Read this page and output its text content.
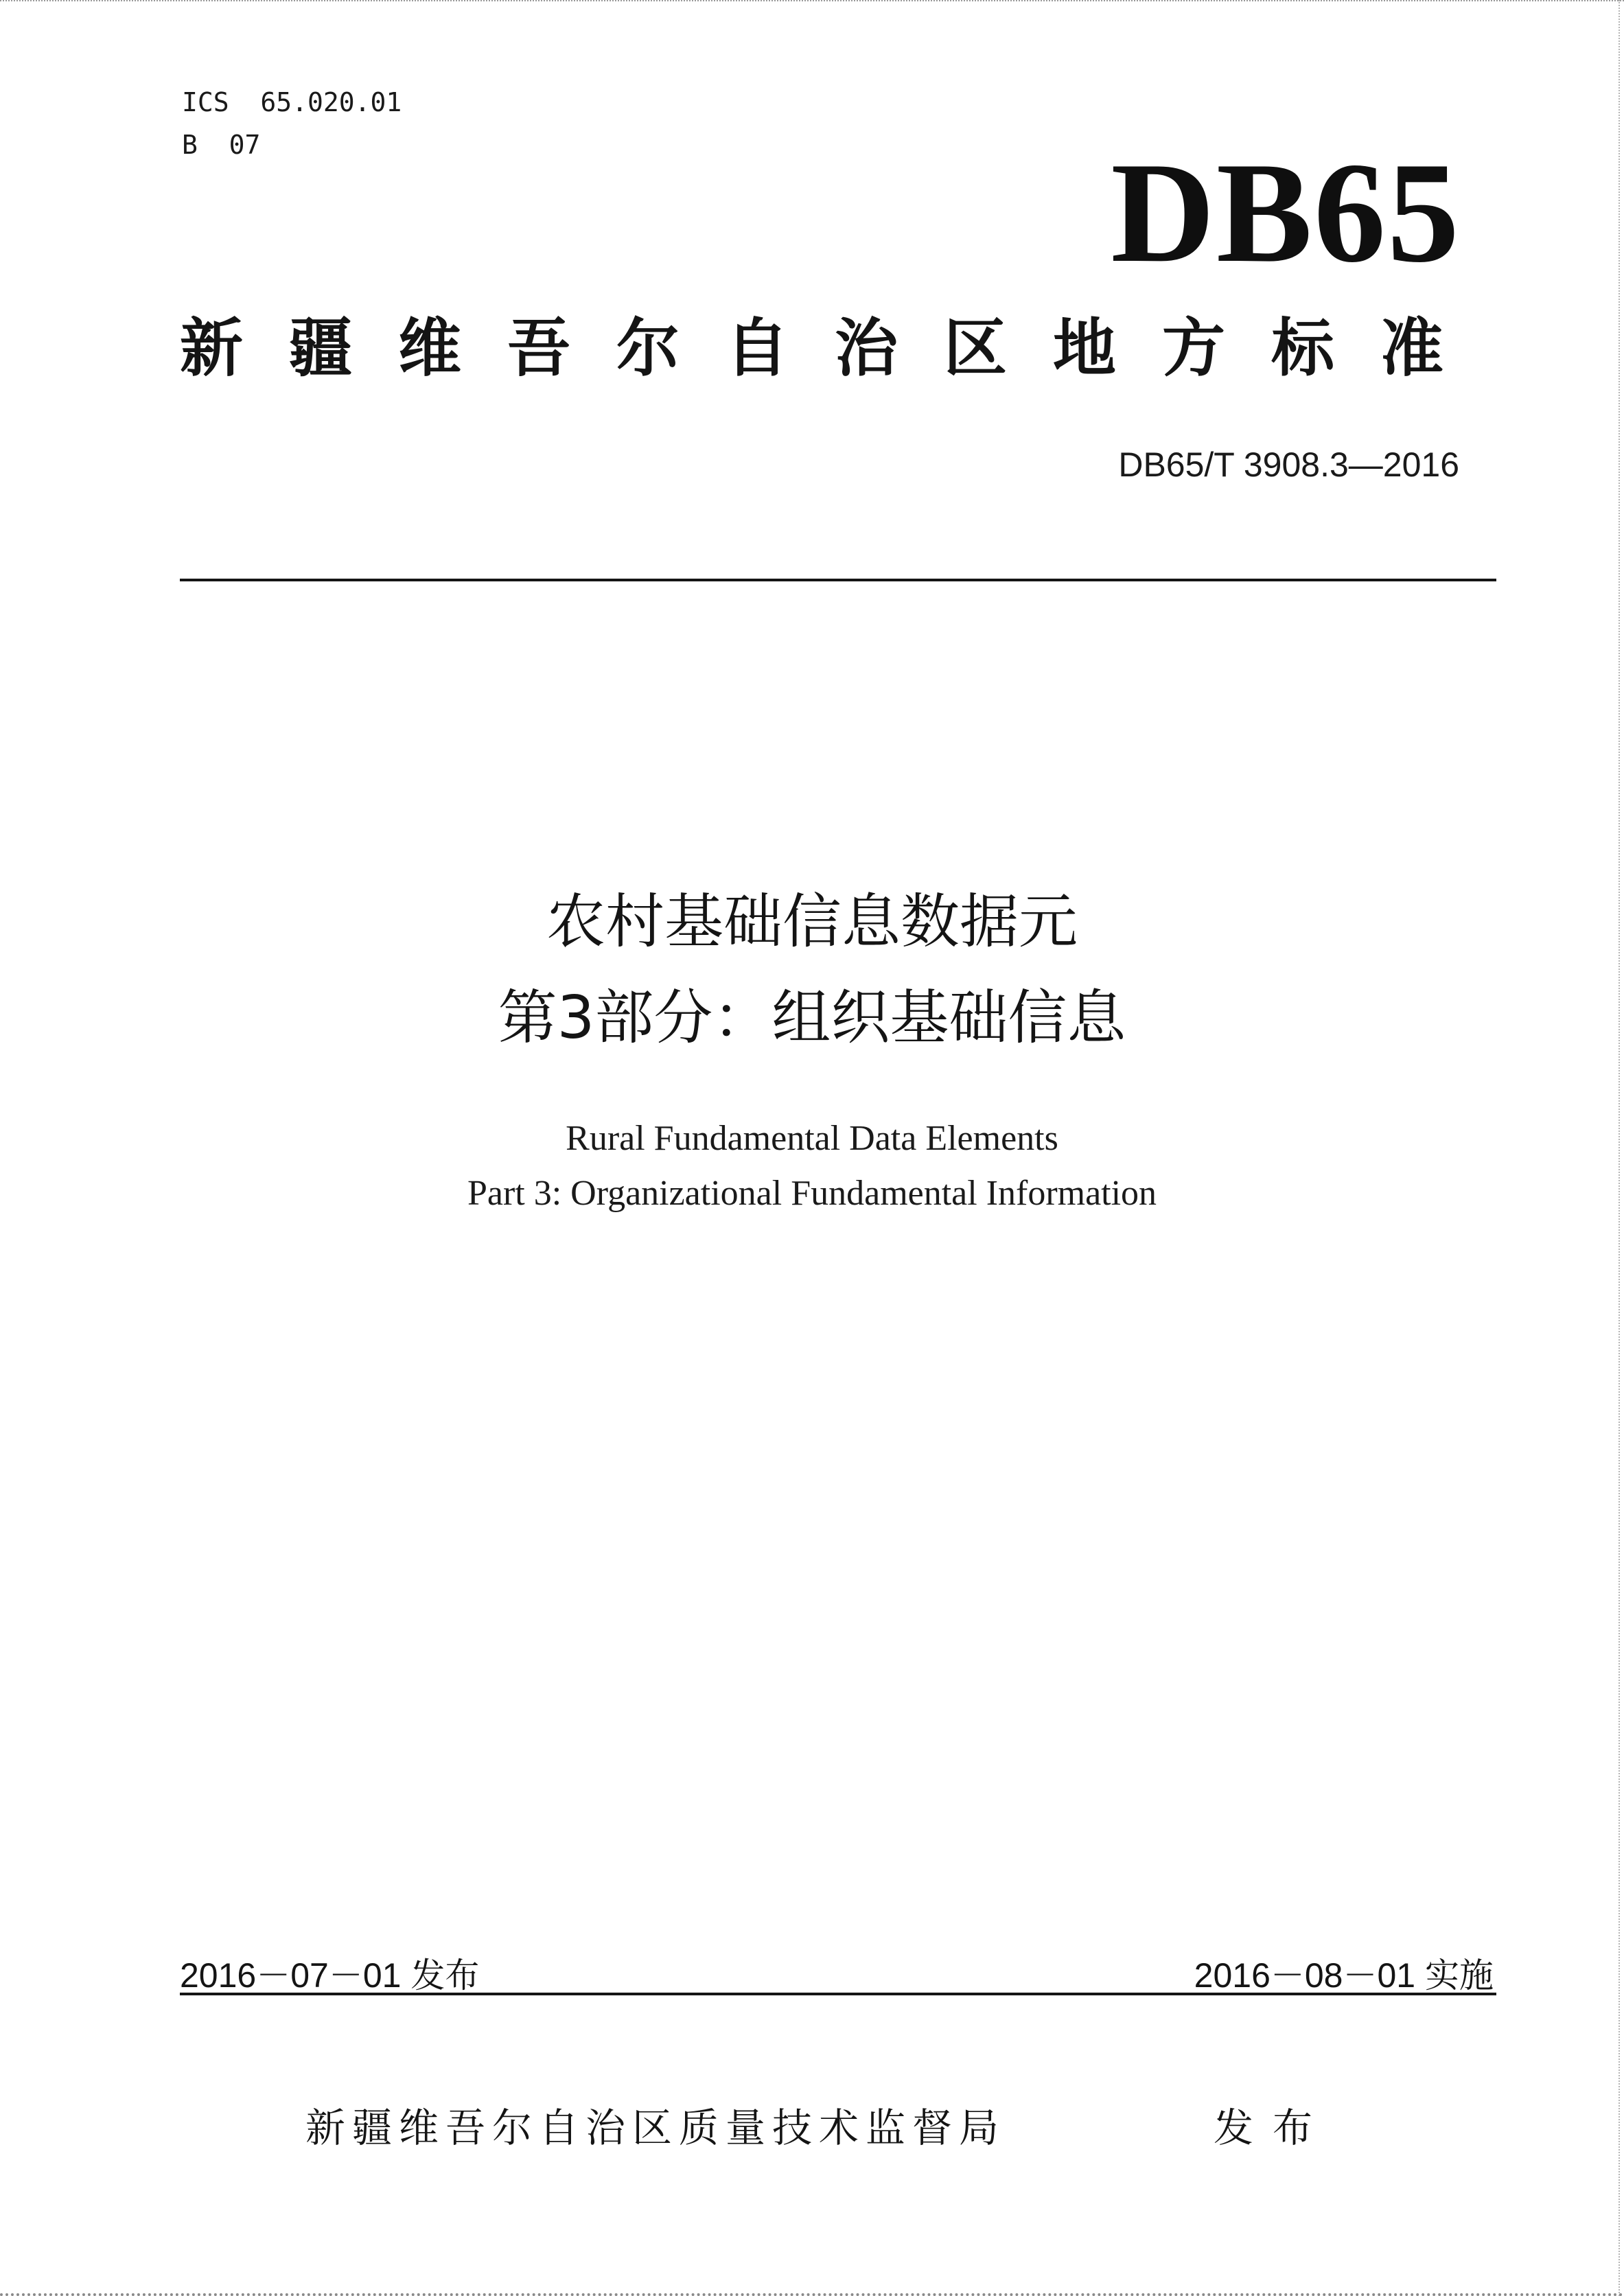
ICS  65.020.01
B  07	DB65
新疆维吾尔自治区地方标准
DB65/T 3908.3—2016
农村基础信息数据元
第3部分：组织基础信息
Rural Fundamental Data Elements
Part 3: Organizational Fundamental Information
2016－07－01 发布	2016－08－01 实施
新疆维吾尔自治区质量技术监督局	发布
